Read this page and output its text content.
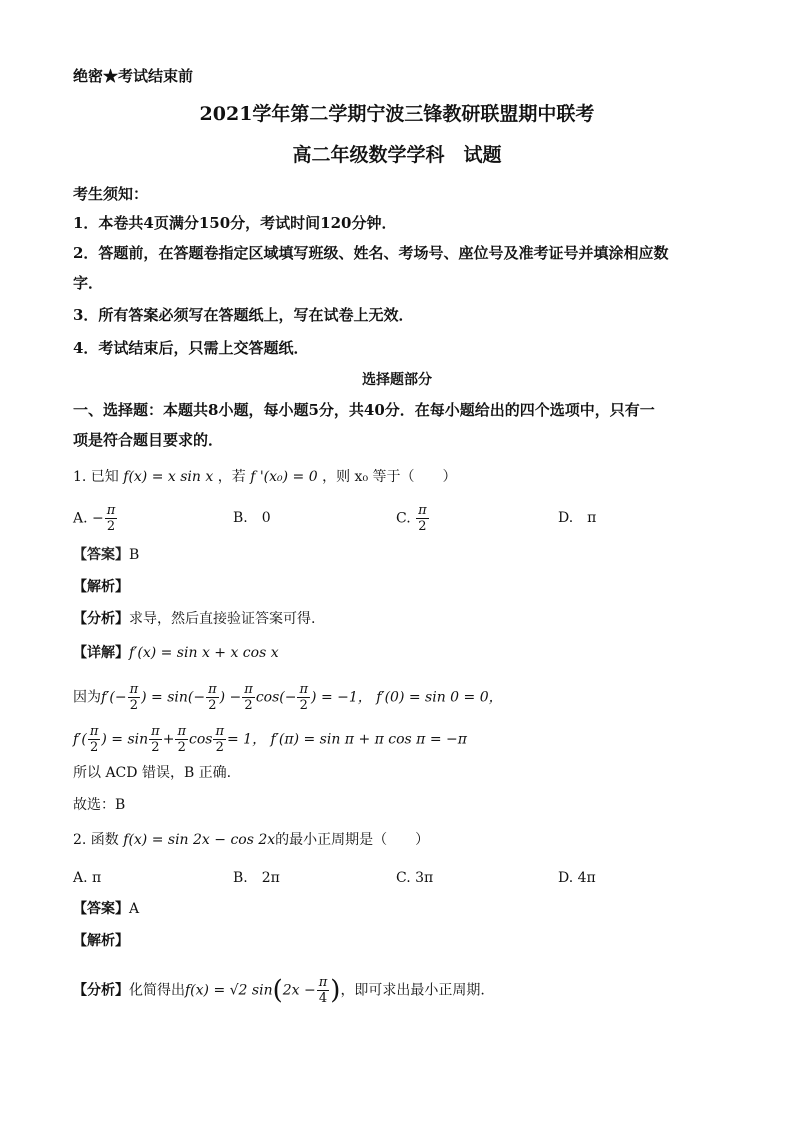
绝密★考试结束前
2021学年第二学期宁波三锋教研联盟期中联考
高二年级数学学科　试题
考生须知：
1．本卷共4页满分150分，考试时间120分钟．
2．答题前，在答题卷指定区域填写班级、姓名、考场号、座位号及准考证号并填涂相应数
字．
3．所有答案必须写在答题纸上，写在试卷上无效．
4．考试结束后，只需上交答题纸．
选择题部分
一、选择题：本题共8小题，每小题5分，共40分．在每小题给出的四个选项中，只有一
项是符合题目要求的．
1. 已知 f(x) = x sin x ，若 f '(x₀) = 0 ，则 x₀ 等于（　　）
A. − $\frac{\pi}{2}$	B.　0	C. $\frac{\pi}{2}$	D.　π
【答案】B
【解析】
【分析】求导，然后直接验证答案可得.
【详解】f′(x) = sin x + x cos x
因为$f'(- \frac{\pi}{2}$ ) = $\sin(- \frac{\pi}{2}$ ) − $\frac{\pi}{2} \cos(- \frac{\pi}{2}$ ) = −1， f′(0) = sin 0 = 0，
$f'( \frac{\pi}{2}$ ) = $\sin \frac{\pi}{2} + \frac{\pi}{2}$ $\cos \frac{\pi}{2} = 1$， f′(π) = sin π + π cos π = −π
所以 ACD 错误，B 正确.
故选：B
2. 函数 f(x) = sin 2x − cos 2x的最小正周期是（　　）
A. π	B.　2π	C. 3π	D. 4π
【答案】A
【解析】
【分析】化简得出f(x) = √2 $\sin(2x - \frac{\pi}{4}$ )，即可求出最小正周期.
